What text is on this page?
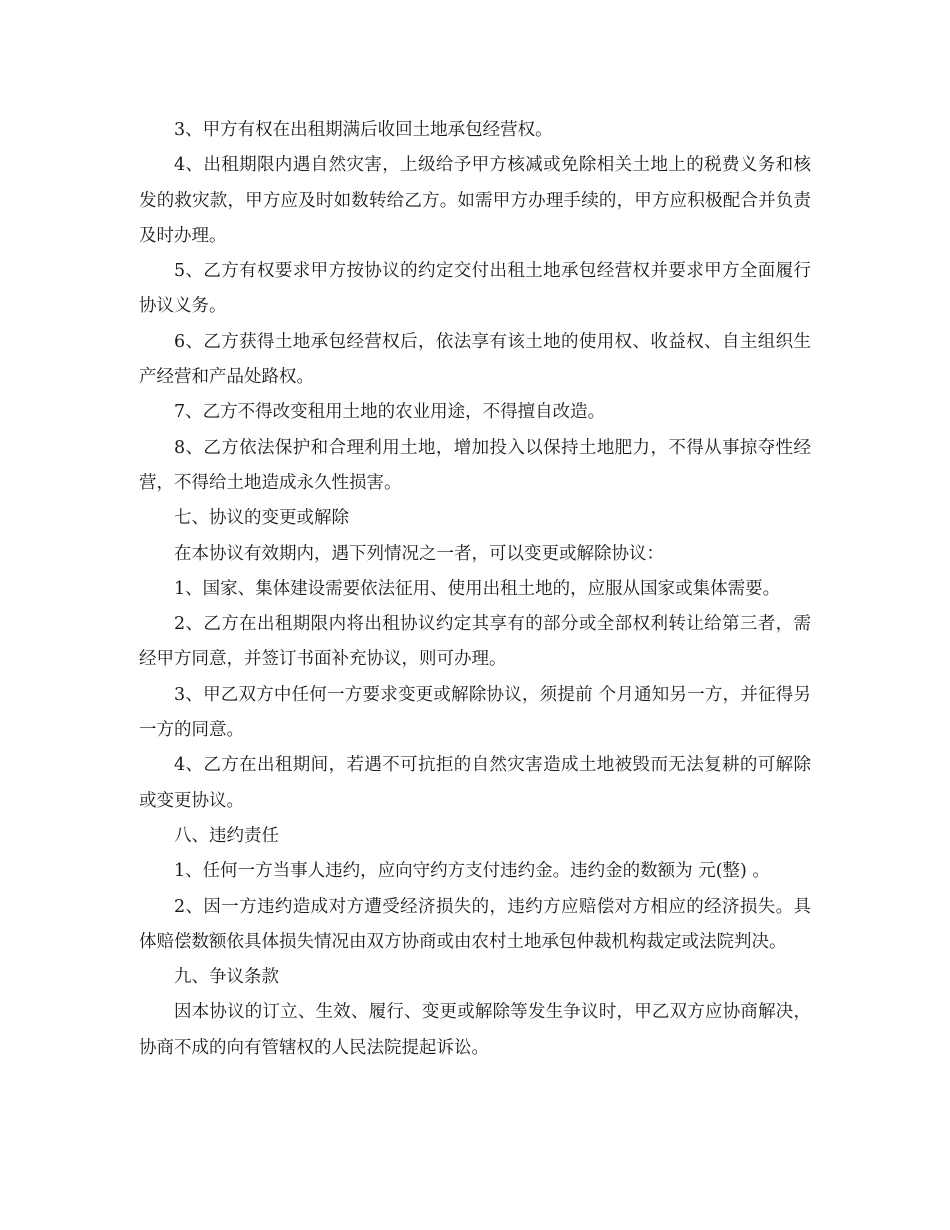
3、甲方有权在出租期满后收回土地承包经营权。

4、出租期限内遇自然灾害，上级给予甲方核减或免除相关土地上的税费义务和核发的救灾款，甲方应及时如数转给乙方。如需甲方办理手续的，甲方应积极配合并负责及时办理。

5、乙方有权要求甲方按协议的约定交付出租土地承包经营权并要求甲方全面履行协议义务。

6、乙方获得土地承包经营权后，依法享有该土地的使用权、收益权、自主组织生产经营和产品处路权。

7、乙方不得改变租用土地的农业用途，不得擅自改造。

8、乙方依法保护和合理利用土地，增加投入以保持土地肥力，不得从事掠夺性经营，不得给土地造成永久性损害。

七、协议的变更或解除

在本协议有效期内，遇下列情况之一者，可以变更或解除协议：

1、国家、集体建设需要依法征用、使用出租土地的，应服从国家或集体需要。

2、乙方在出租期限内将出租协议约定其享有的部分或全部权利转让给第三者，需经甲方同意，并签订书面补充协议，则可办理。

3、甲乙双方中任何一方要求变更或解除协议，须提前 个月通知另一方，并征得另一方的同意。

4、乙方在出租期间，若遇不可抗拒的自然灾害造成土地被毁而无法复耕的可解除或变更协议。

八、违约责任

1、任何一方当事人违约，应向守约方支付违约金。违约金的数额为 元(整) 。

2、因一方违约造成对方遭受经济损失的，违约方应赔偿对方相应的经济损失。具体赔偿数额依具体损失情况由双方协商或由农村土地承包仲裁机构裁定或法院判决。

九、争议条款

因本协议的订立、生效、履行、变更或解除等发生争议时，甲乙双方应协商解决，协商不成的向有管辖权的人民法院提起诉讼。
